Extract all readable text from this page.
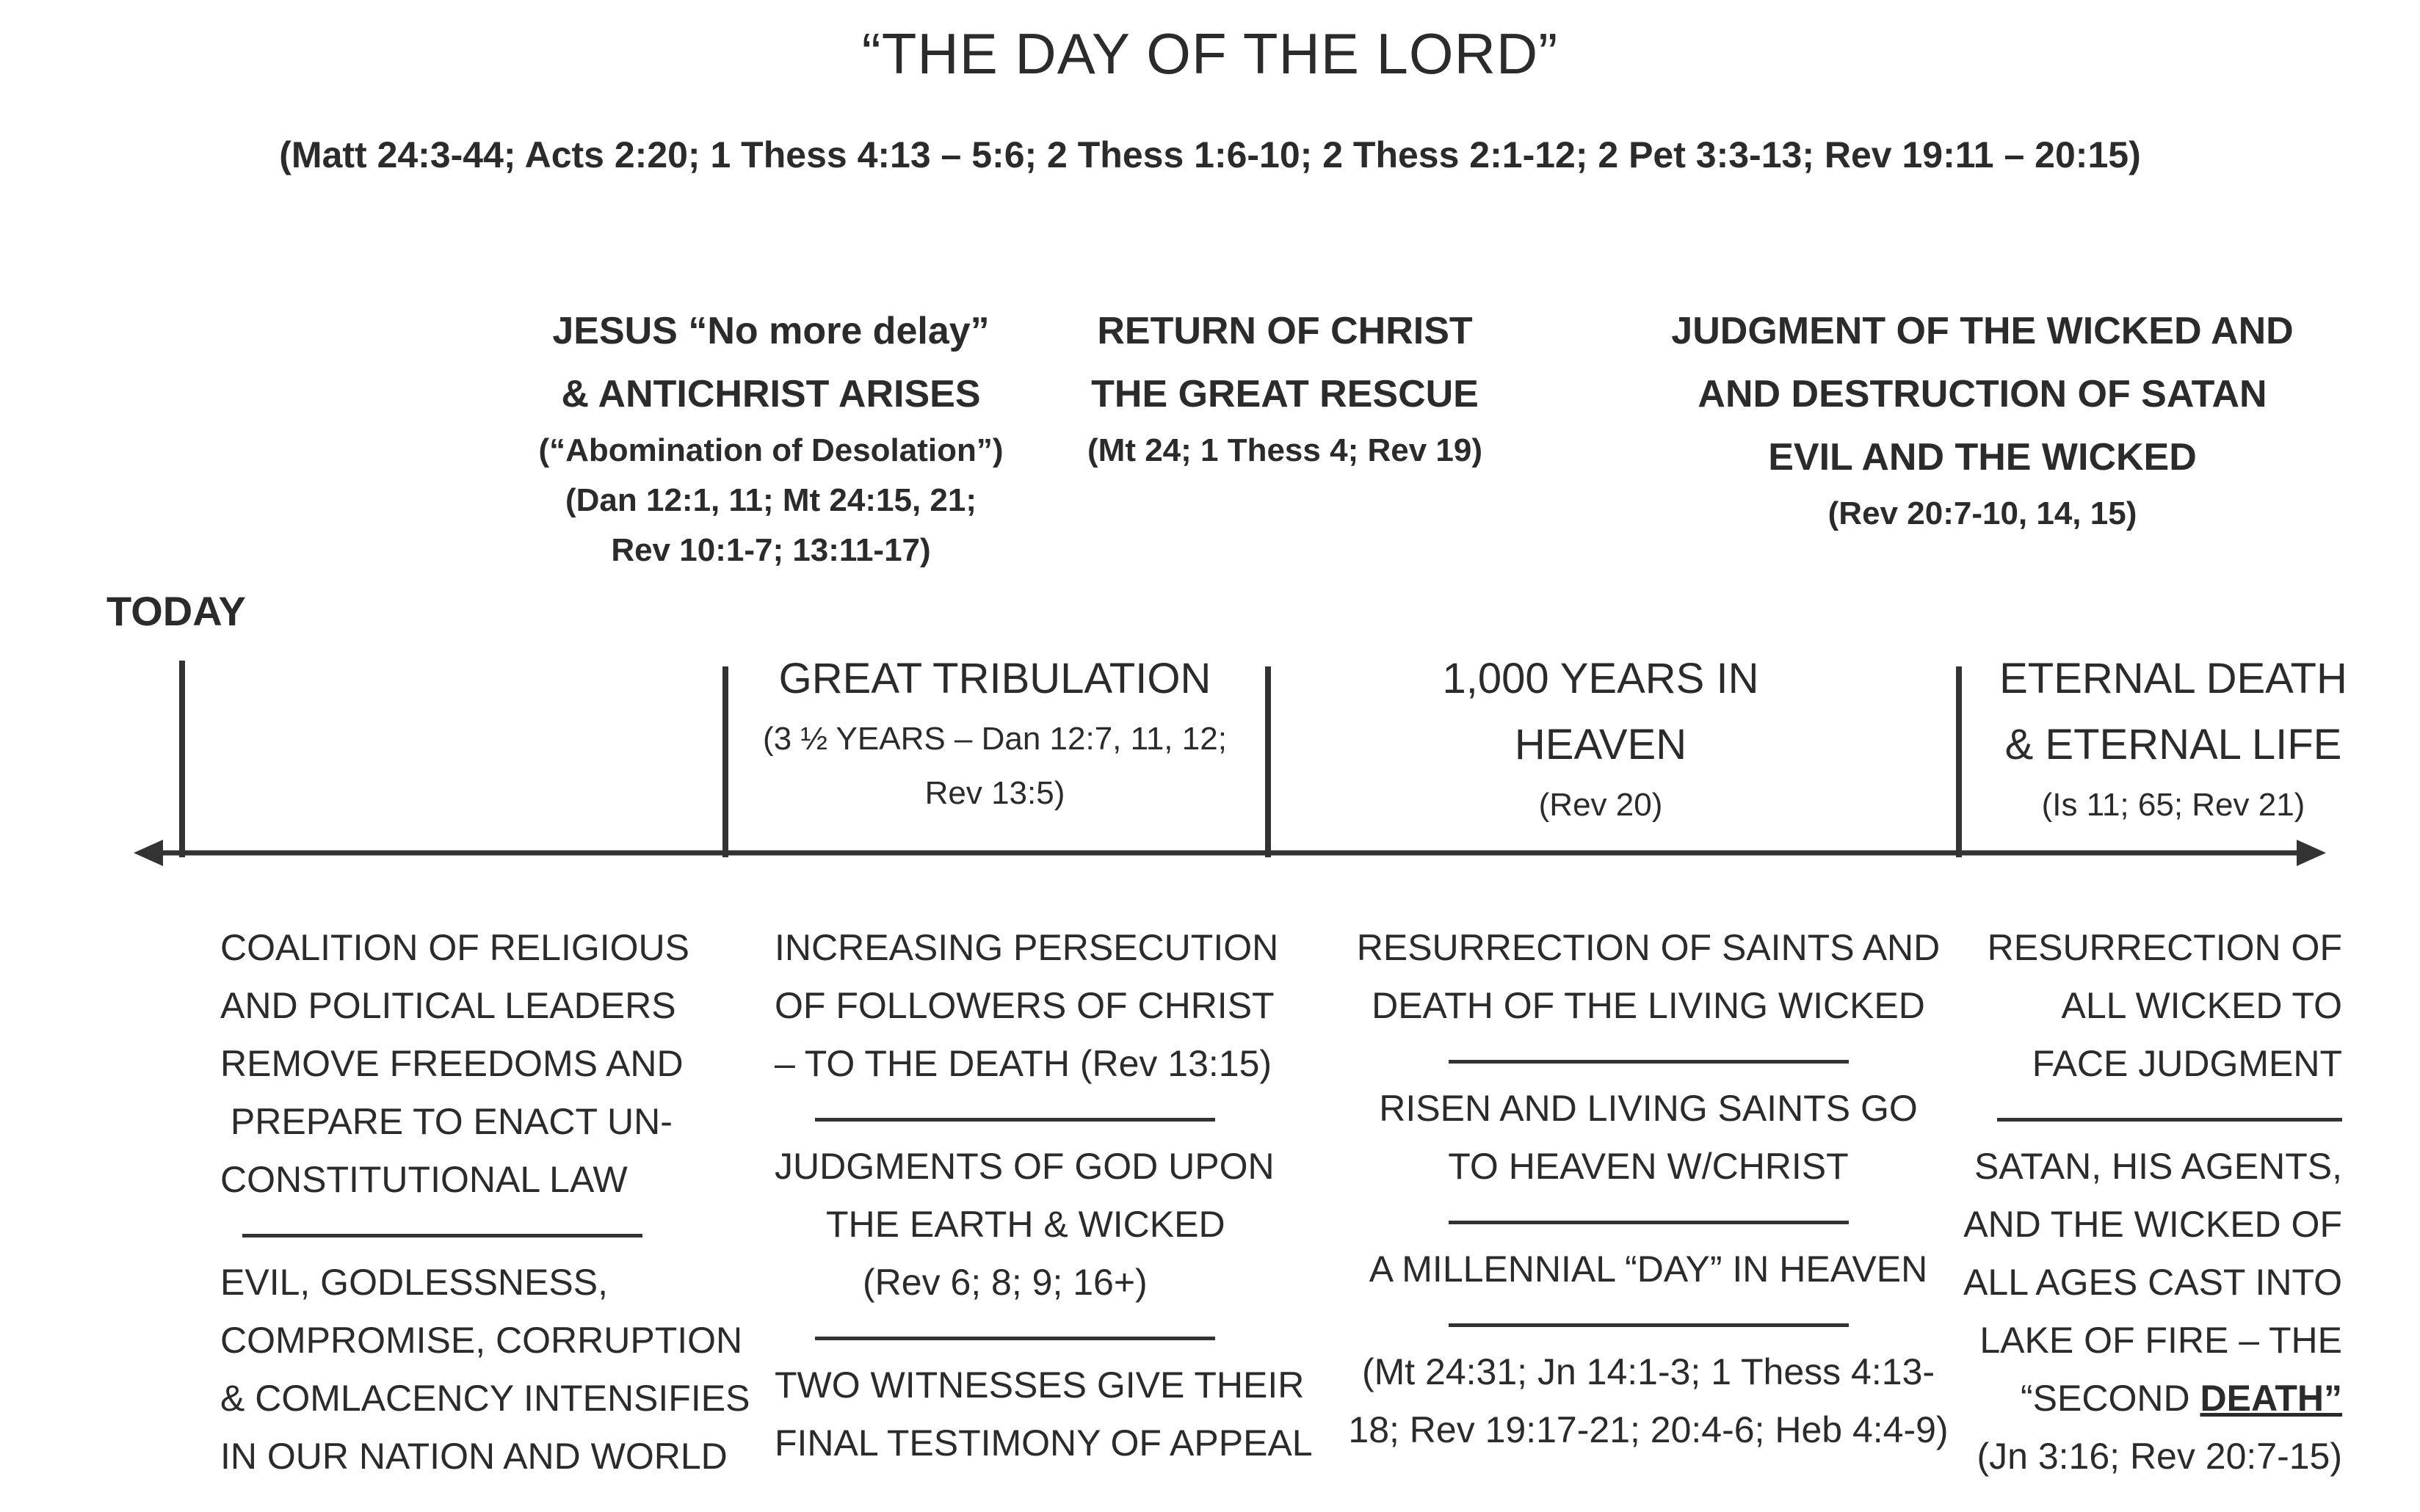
“THE DAY OF THE LORD”
(Matt 24:3-44; Acts 2:20; 1 Thess 4:13 – 5:6; 2 Thess 1:6-10; 2 Thess 2:1-12; 2 Pet 3:3-13; Rev 19:11 – 20:15)
JESUS “No more delay”
& ANTICHRIST ARISES
(“Abomination of Desolation”)
(Dan 12:1, 11; Mt 24:15, 21;
Rev 10:1-7; 13:11-17)
RETURN OF CHRIST
THE GREAT RESCUE
(Mt 24; 1 Thess 4; Rev 19)
JUDGMENT OF THE WICKED AND
AND DESTRUCTION OF SATAN
EVIL AND THE WICKED
(Rev 20:7-10, 14, 15)
TODAY
GREAT TRIBULATION
(3 ½ YEARS – Dan 12:7, 11, 12;
Rev 13:5)
1,000 YEARS IN
HEAVEN
(Rev 20)
ETERNAL DEATH
& ETERNAL LIFE
(Is 11; 65; Rev 21)
COALITION OF RELIGIOUS
AND POLITICAL LEADERS
REMOVE FREEDOMS AND
PREPARE TO ENACT UN-
CONSTITUTIONAL LAW
EVIL, GODLESSNESS,
COMPROMISE, CORRUPTION
& COMLACENCY INTENSIFIES
IN OUR NATION AND WORLD
INCREASING PERSECUTION
OF FOLLOWERS OF CHRIST
– TO THE DEATH (Rev 13:15)
JUDGMENTS OF GOD UPON
THE EARTH & WICKED
(Rev 6; 8; 9; 16+)
TWO WITNESSES GIVE THEIR
FINAL TESTIMONY OF APPEAL
RESURRECTION OF SAINTS AND
DEATH OF THE LIVING WICKED
RISEN AND LIVING SAINTS GO
TO HEAVEN W/CHRIST
A MILLENNIAL “DAY” IN HEAVEN
(Mt 24:31; Jn 14:1-3; 1 Thess 4:13-
18; Rev 19:17-21; 20:4-6; Heb 4:4-9)
RESURRECTION OF
ALL WICKED TO
FACE JUDGMENT
SATAN, HIS AGENTS,
AND THE WICKED OF
ALL AGES CAST INTO
LAKE OF FIRE – THE
“SECOND DEATH”
(Jn 3:16; Rev 20:7-15)
